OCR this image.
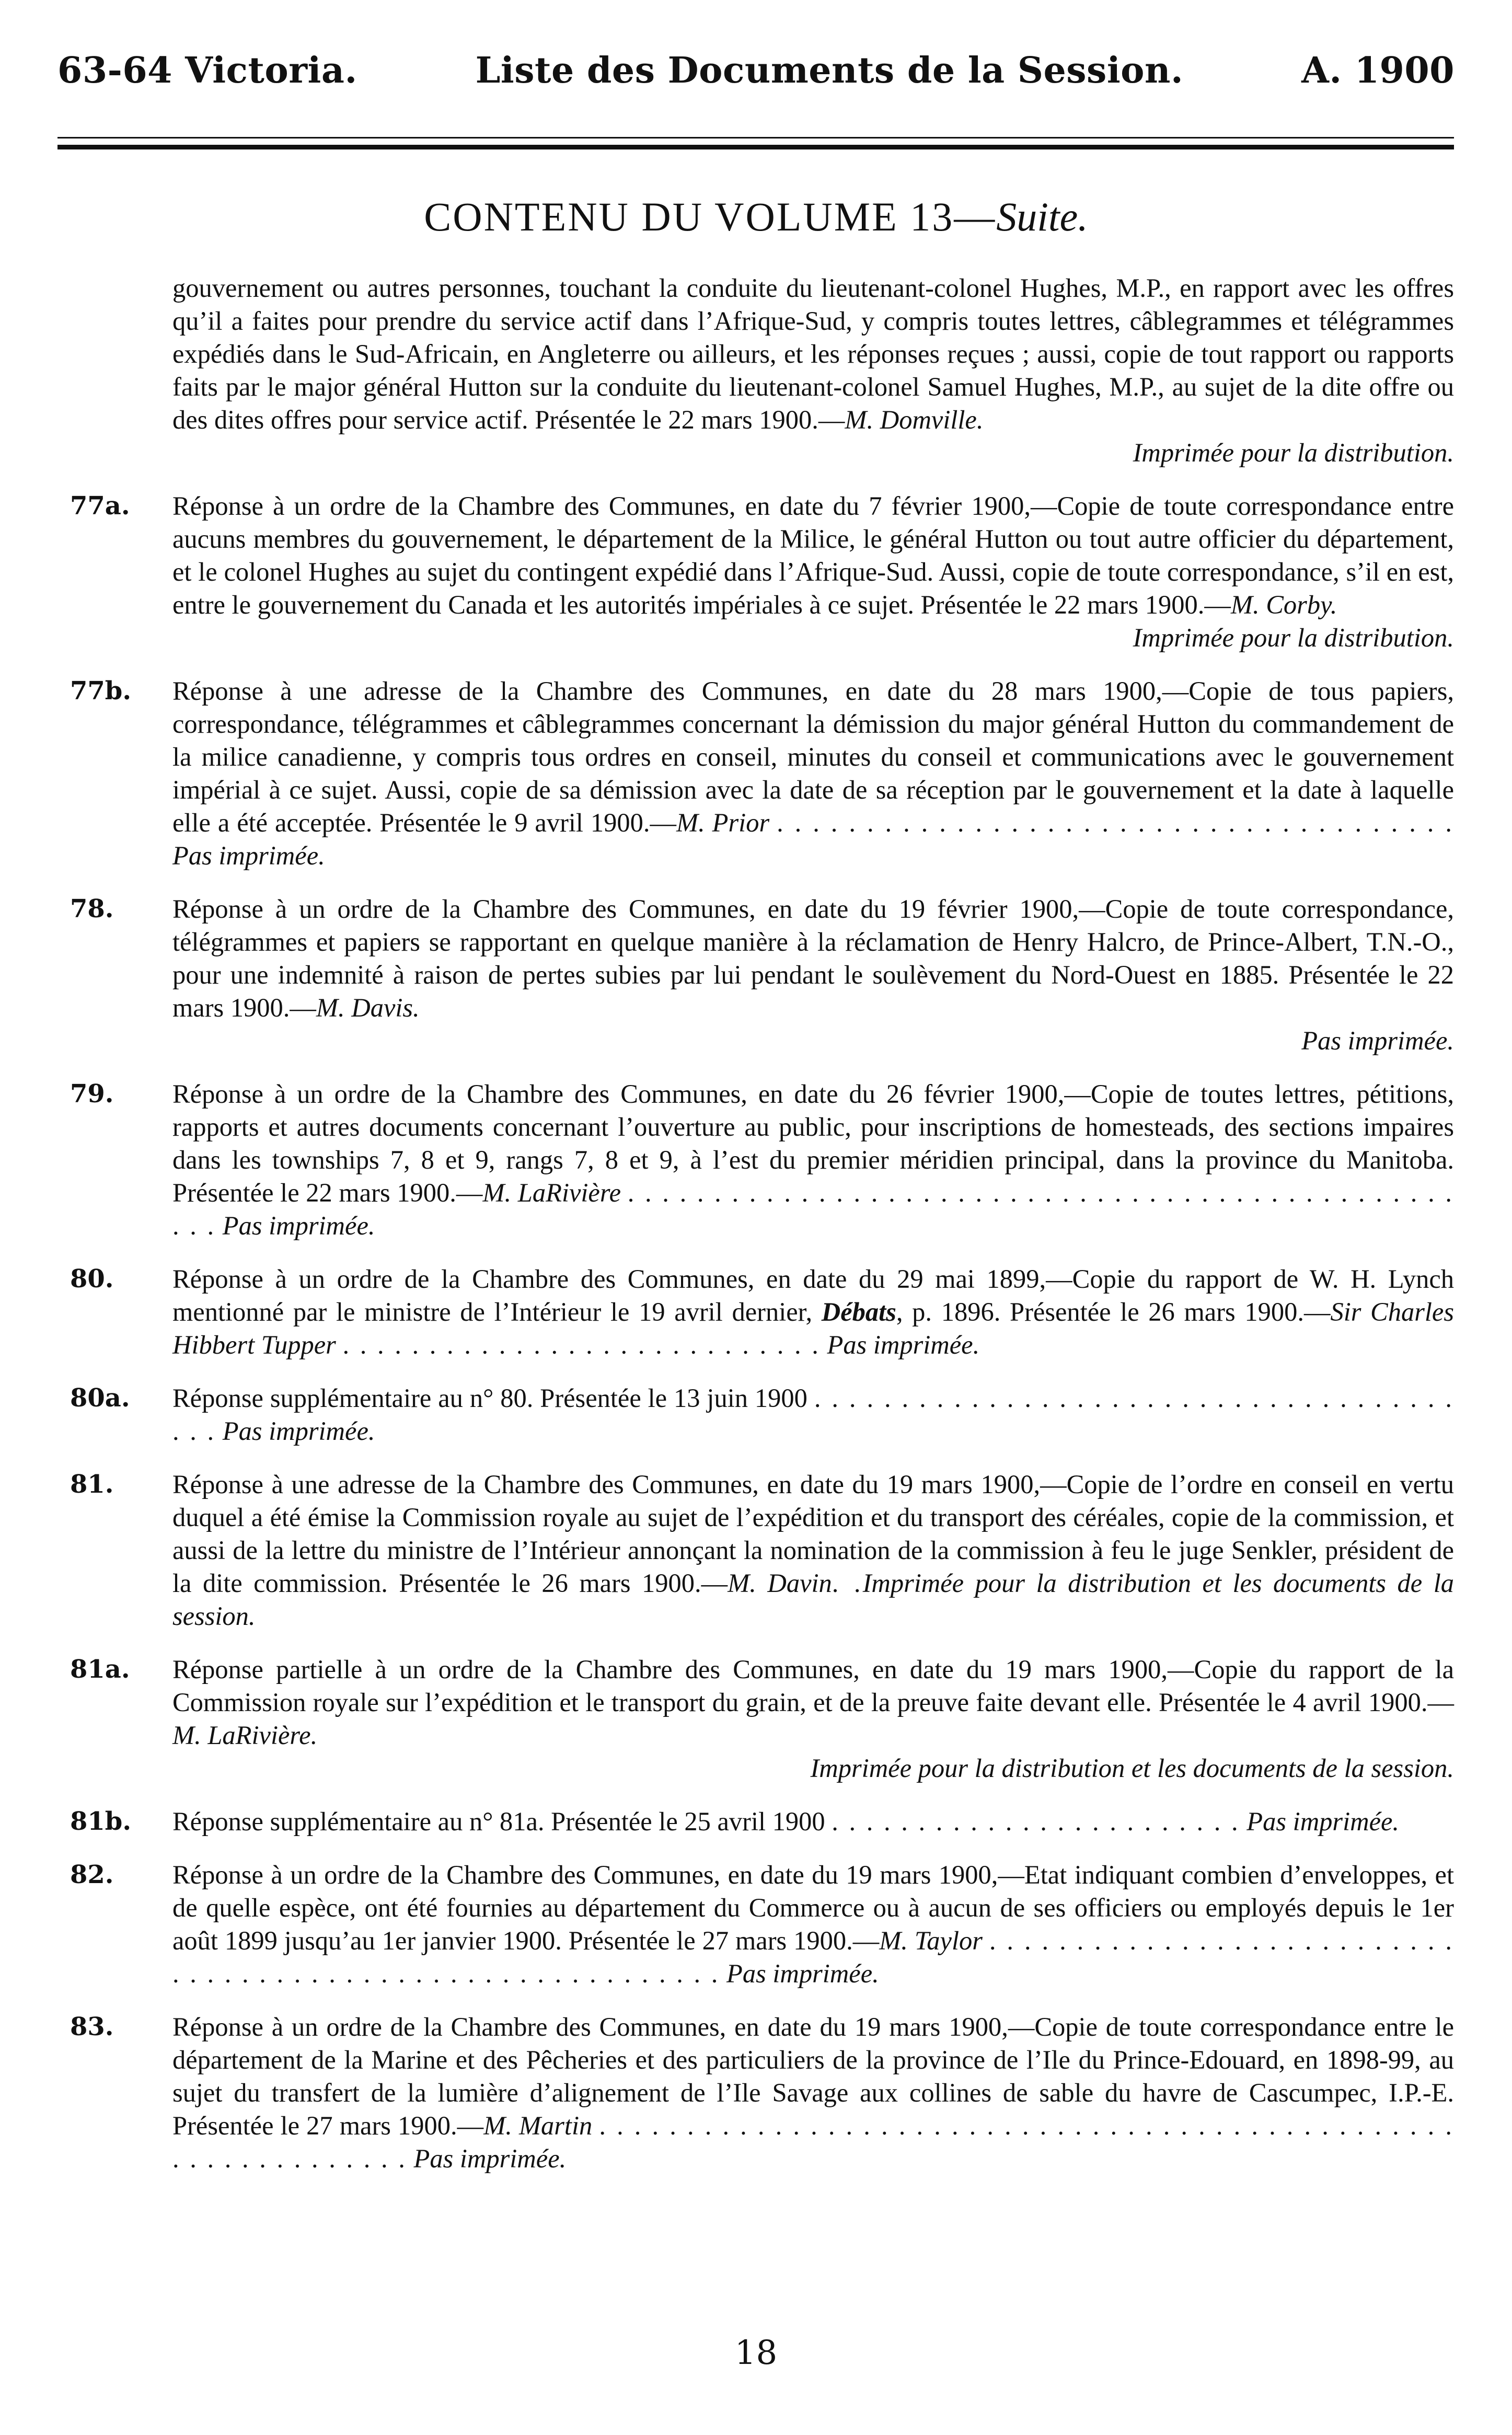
63-64 Victoria.	Liste des Documents de la Session.	A. 1900
CONTENU DU VOLUME 13—Suite.
gouvernement ou autres personnes, touchant la conduite du lieutenant-colonel Hughes, M.P., en rapport avec les offres qu’il a faites pour prendre du service actif dans l’Afrique-Sud, y compris toutes lettres, câblegrammes et télégrammes expédiés dans le Sud-Africain, en Angleterre ou ailleurs, et les réponses reçues ; aussi, copie de tout rapport ou rapports faits par le major général Hutton sur la conduite du lieutenant-colonel Samuel Hughes, M.P., au sujet de la dite offre ou des dites offres pour service actif. Présentée le 22 mars 1900.—M. Domville.
Imprimée pour la distribution.
77a. Réponse à un ordre de la Chambre des Communes, en date du 7 février 1900,—Copie de toute correspondance entre aucuns membres du gouvernement, le département de la Milice, le général Hutton ou tout autre officier du département, et le colonel Hughes au sujet du contingent expédié dans l’Afrique-Sud. Aussi, copie de toute correspondance, s’il en est, entre le gouvernement du Canada et les autorités impériales à ce sujet. Présentée le 22 mars 1900.—M. Corby.
Imprimée pour la distribution.
77b. Réponse à une adresse de la Chambre des Communes, en date du 28 mars 1900,—Copie de tous papiers, correspondance, télégrammes et câblegrammes concernant la démission du major général Hutton du commandement de la milice canadienne, y compris tous ordres en conseil, minutes du conseil et communications avec le gouvernement impérial à ce sujet. Aussi, copie de sa démission avec la date de sa réception par le gouvernement et la date à laquelle elle a été acceptée. Présentée le 9 avril 1900.—M. Prior . . . . . . . . . . . . . . . . . . . . . . . . . . . . . . . . . . . . . . Pas imprimée.
78. Réponse à un ordre de la Chambre des Communes, en date du 19 février 1900,—Copie de toute correspondance, télégrammes et papiers se rapportant en quelque manière à la réclamation de Henry Halcro, de Prince-Albert, T.N.-O., pour une indemnité à raison de pertes subies par lui pendant le soulèvement du Nord-Ouest en 1885. Présentée le 22 mars 1900.—M. Davis.
Pas imprimée.
79. Réponse à un ordre de la Chambre des Communes, en date du 26 février 1900,—Copie de toutes lettres, pétitions, rapports et autres documents concernant l’ouverture au public, pour inscriptions de homesteads, des sections impaires dans les townships 7, 8 et 9, rangs 7, 8 et 9, à l’est du premier méridien principal, dans la province du Manitoba. Présentée le 22 mars 1900.—M. LaRivière . . . . . . . . . . . . . . . . . . . . . . . . . . . . . . . . . . . . . . . . . . . . . . . . . . . Pas imprimée.
80. Réponse à un ordre de la Chambre des Communes, en date du 29 mai 1899,—Copie du rapport de W. H. Lynch mentionné par le ministre de l’Intérieur le 19 avril dernier, Débats, p. 1896. Présentée le 26 mars 1900.—Sir Charles Hibbert Tupper . . . . . . . . . . . . . . . . . . . . . . . . . . . . Pas imprimée.
80a. Réponse supplémentaire au n° 80. Présentée le 13 juin 1900 . . . . . . . . . . . . . . . . . . . . . . . . . . . . . . . . . . . . . . . . Pas imprimée.
81. Réponse à une adresse de la Chambre des Communes, en date du 19 mars 1900,—Copie de l’ordre en conseil en vertu duquel a été émise la Commission royale au sujet de l’expédition et du transport des céréales, copie de la commission, et aussi de la lettre du ministre de l’Intérieur annonçant la nomination de la commission à feu le juge Senkler, président de la dite commission. Présentée le 26 mars 1900.—M. Davin. .Imprimée pour la distribution et les documents de la session.
81a. Réponse partielle à un ordre de la Chambre des Communes, en date du 19 mars 1900,—Copie du rapport de la Commission royale sur l’expédition et le transport du grain, et de la preuve faite devant elle. Présentée le 4 avril 1900.—M. LaRivière.
Imprimée pour la distribution et les documents de la session.
81b. Réponse supplémentaire au n° 81a. Présentée le 25 avril 1900 . . . . . . . . . . . . . . . . . . . . . . . . Pas imprimée.
82. Réponse à un ordre de la Chambre des Communes, en date du 19 mars 1900,—Etat indiquant combien d’enveloppes, et de quelle espèce, ont été fournies au département du Commerce ou à aucun de ses officiers ou employés depuis le 1er août 1899 jusqu’au 1er janvier 1900. Présentée le 27 mars 1900.—M. Taylor . . . . . . . . . . . . . . . . . . . . . . . . . . . . . . . . . . . . . . . . . . . . . . . . . . . . . . . . . . . Pas imprimée.
83. Réponse à un ordre de la Chambre des Communes, en date du 19 mars 1900,—Copie de toute correspondance entre le département de la Marine et des Pêcheries et des particuliers de la province de l’Ile du Prince-Edouard, en 1898-99, au sujet du transfert de la lumière d’alignement de l’Ile Savage aux collines de sable du havre de Cascumpec, I.P.-E. Présentée le 27 mars 1900.—M. Martin . . . . . . . . . . . . . . . . . . . . . . . . . . . . . . . . . . . . . . . . . . . . . . . . . . . . . . . . . . . . . . . Pas imprimée.
18
